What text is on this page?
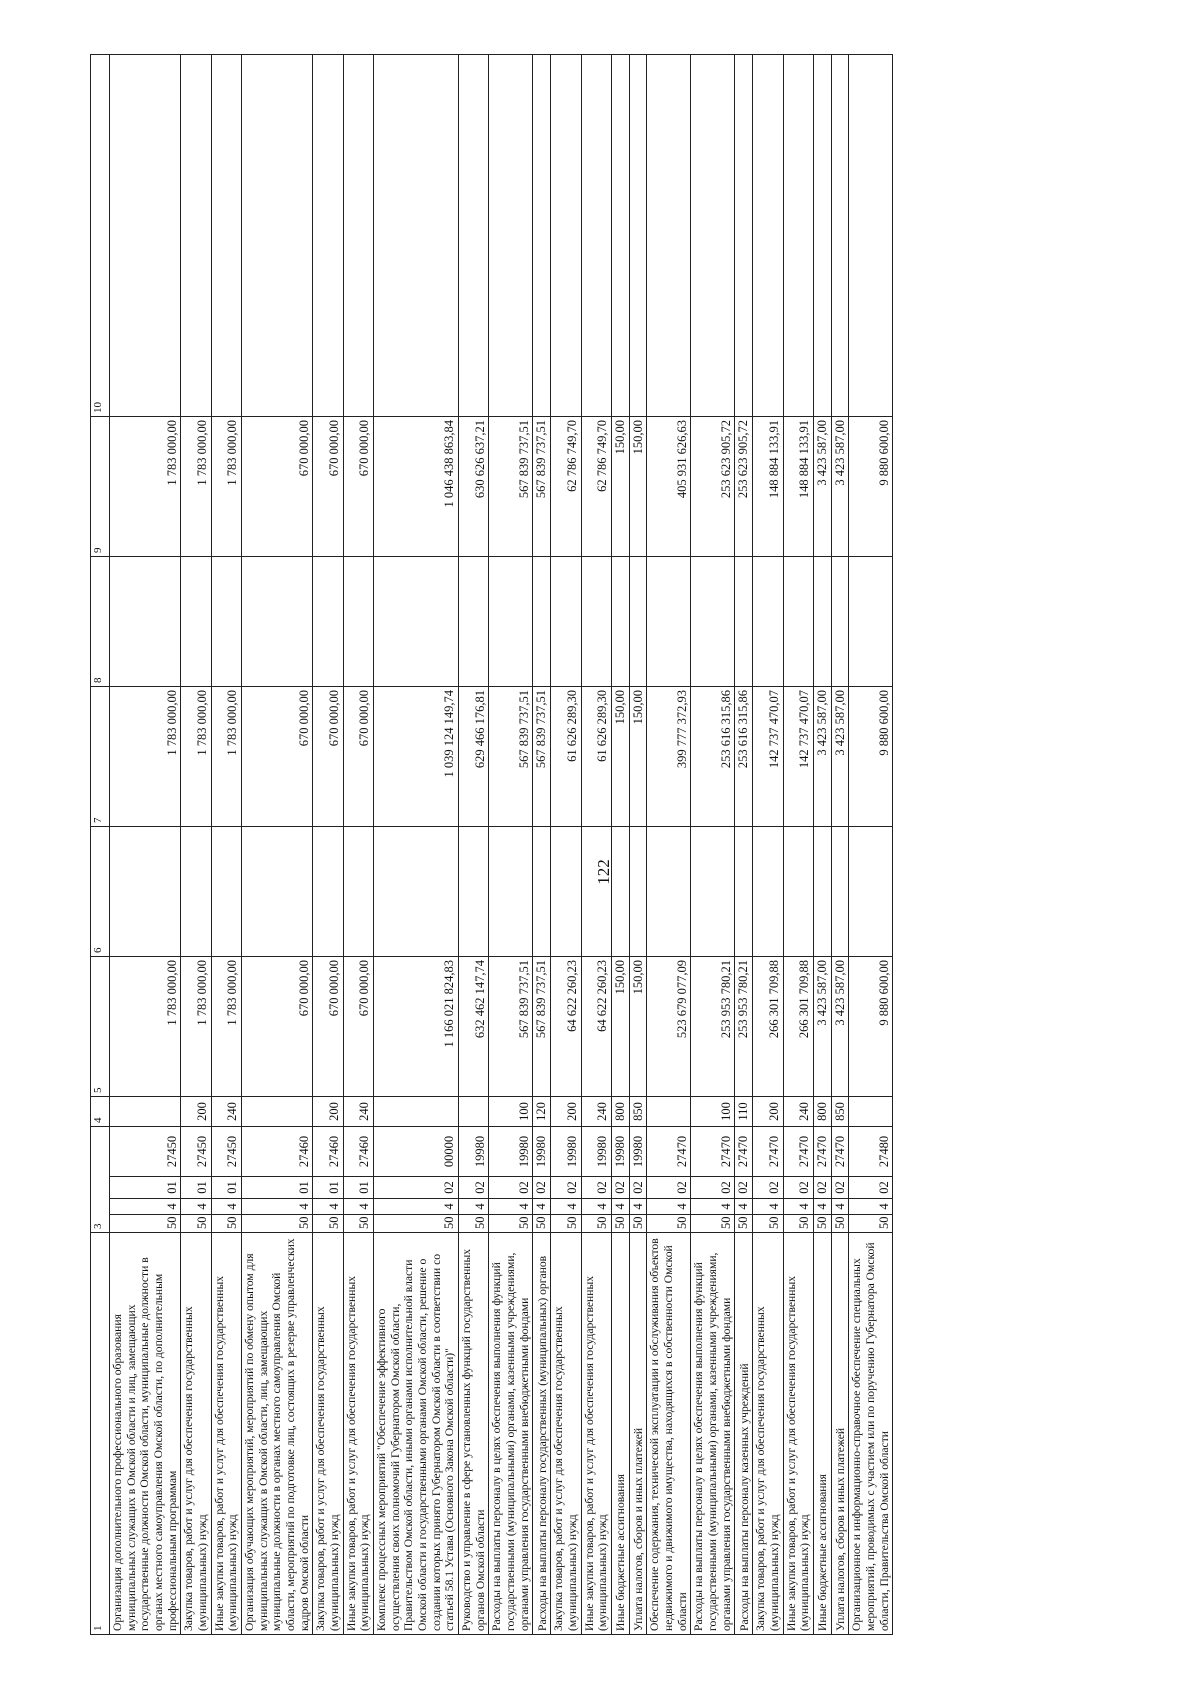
122
1	3				4	5	6	7	8	9	10
Организация дополнительного профессионального образования муниципальных служащих в Омской области и лиц, замещающих государственные должности Омской области, муниципальные должности в органах местного самоуправления Омской области, по дополнительным профессиональным программам	50	4	01	27450		1 783 000,00		1 783 000,00		1 783 000,00	
Закупка товаров, работ и услуг для обеспечения государственных (муниципальных) нужд	50	4	01	27450	200	1 783 000,00		1 783 000,00		1 783 000,00	
Иные закупки товаров, работ и услуг для обеспечения государственных (муниципальных) нужд	50	4	01	27450	240	1 783 000,00		1 783 000,00		1 783 000,00	
Организация обучающих мероприятий, мероприятий по обмену опытом для муниципальных служащих в Омской области, лиц, замещающих муниципальные должности в органах местного самоуправления Омской области, мероприятий по подготовке лиц, состоящих в резерве управленческих кадров Омской области	50	4	01	27460		670 000,00		670 000,00		670 000,00	
Закупка товаров, работ и услуг для обеспечения государственных (муниципальных) нужд	50	4	01	27460	200	670 000,00		670 000,00		670 000,00	
Иные закупки товаров, работ и услуг для обеспечения государственных (муниципальных) нужд	50	4	01	27460	240	670 000,00		670 000,00		670 000,00	
Комплекс процессных мероприятий "Обеспечение эффективного осуществления своих полномочий Губернатором Омской области, Правительством Омской области, иными органами исполнительной власти Омской области и государственными органами Омской области, решение о создании которых принято Губернатором Омской области в соответствии со статьей 58.1 Устава (Основного Закона Омской области)"	50	4	02	00000		1 166 021 824,83		1 039 124 149,74		1 046 438 863,84	
Руководство и управление в сфере установленных функций государственных органов Омской области	50	4	02	19980		632 462 147,74		629 466 176,81		630 626 637,21	
Расходы на выплаты персоналу в целях обеспечения выполнения функций государственными (муниципальными) органами, казенными учреждениями, органами управления государственными внебюджетными фондами	50	4	02	19980	100	567 839 737,51		567 839 737,51		567 839 737,51	
Расходы на выплаты персоналу государственных (муниципальных) органов	50	4	02	19980	120	567 839 737,51		567 839 737,51		567 839 737,51	
Закупка товаров, работ и услуг для обеспечения государственных (муниципальных) нужд	50	4	02	19980	200	64 622 260,23		61 626 289,30		62 786 749,70	
Иные закупки товаров, работ и услуг для обеспечения государственных (муниципальных) нужд	50	4	02	19980	240	64 622 260,23		61 626 289,30		62 786 749,70	
Иные бюджетные ассигнования	50	4	02	19980	800	150,00		150,00		150,00	
Уплата налогов, сборов и иных платежей	50	4	02	19980	850	150,00		150,00		150,00	
Обеспечение содержания, технической эксплуатации и обслуживания объектов недвижимого и движимого имущества, находящихся в собственности Омской области	50	4	02	27470		523 679 077,09		399 777 372,93		405 931 626,63	
Расходы на выплаты персоналу в целях обеспечения выполнения функций государственными (муниципальными) органами, казенными учреждениями, органами управления государственными внебюджетными фондами	50	4	02	27470	100	253 953 780,21		253 616 315,86		253 623 905,72	
Расходы на выплаты персоналу казенных учреждений	50	4	02	27470	110	253 953 780,21		253 616 315,86		253 623 905,72	
Закупка товаров, работ и услуг для обеспечения государственных (муниципальных) нужд	50	4	02	27470	200	266 301 709,88		142 737 470,07		148 884 133,91	
Иные закупки товаров, работ и услуг для обеспечения государственных (муниципальных) нужд	50	4	02	27470	240	266 301 709,88		142 737 470,07		148 884 133,91	
Иные бюджетные ассигнования	50	4	02	27470	800	3 423 587,00		3 423 587,00		3 423 587,00	
Уплата налогов, сборов и иных платежей	50	4	02	27470	850	3 423 587,00		3 423 587,00		3 423 587,00	
Организационное и информационно-справочное обеспечение специальных мероприятий, проводимых с участием или по поручению Губернатора Омской области, Правительства Омской области	50	4	02	27480		9 880 600,00		9 880 600,00		9 880 600,00	
